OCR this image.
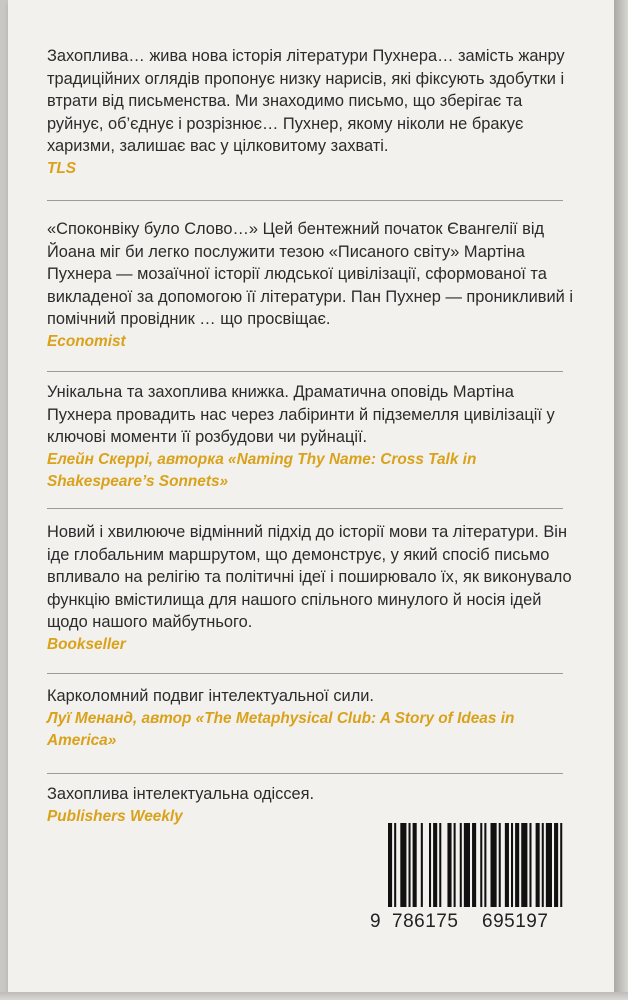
Захоплива… жива нова історія літератури Пухнера… замість жанру традиційних оглядів пропонує низку нарисів, які фіксують здобутки і втрати від письменства. Ми знаходимо письмо, що зберігає та руйнує, об’єднує і розрізнює… Пухнер, якому ніколи не бракує харизми, залишає вас у цілковитому захваті.

TLS

«Споконвіку було Слово…» Цей бентежний початок Євангелії від Йоана міг би легко послужити тезою «Писаного світу» Мартіна Пухнера — мозаїчної історії людської цивілізації, сформованої та викладеної за допомогою її літератури. Пан Пухнер — проникливий і помічний провідник … що просвіщає.

Economist

Унікальна та захоплива книжка. Драматична оповідь Мартіна Пухнера провадить нас через лабіринти й підземелля цивілізації у ключові моменти її розбудови чи руйнації.

Елейн Скеррі, авторка «Naming Thy Name: Cross Talk in Shakespeare’s Sonnets»

Новий і хвилююче відмінний підхід до історії мови та літератури. Він іде глобальним маршрутом, що демонструє, у який спосіб письмо впливало на релігію та політичні ідеї і поширювало їх, як виконувало функцію вмістилища для нашого спільного минулого й носія ідей щодо нашого майбутнього.

Bookseller

Карколомний подвиг інтелектуальної сили.

Луї Менанд, автор «The Metaphysical Club: A Story of Ideas in America»

Захоплива інтелектуальна одіссея.

Publishers Weekly

9 786175 695197
